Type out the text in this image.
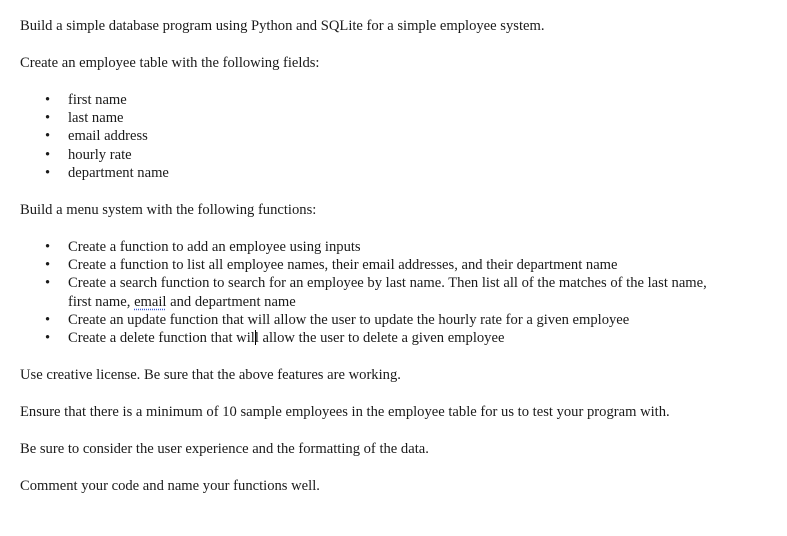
Build a simple database program using Python and SQLite for a simple employee system.

Create an employee table with the following fields:

• first name
• last name
• email address
• hourly rate
• department name

Build a menu system with the following functions:

• Create a function to add an employee using inputs
• Create a function to list all employee names, their email addresses, and their department name
• Create a search function to search for an employee by last name. Then list all of the matches of the last name,
first name, email and department name
• Create an update function that will allow the user to update the hourly rate for a given employee
• Create a delete function that will allow the user to delete a given employee

Use creative license. Be sure that the above features are working.

Ensure that there is a minimum of 10 sample employees in the employee table for us to test your program with.

Be sure to consider the user experience and the formatting of the data.

Comment your code and name your functions well.
